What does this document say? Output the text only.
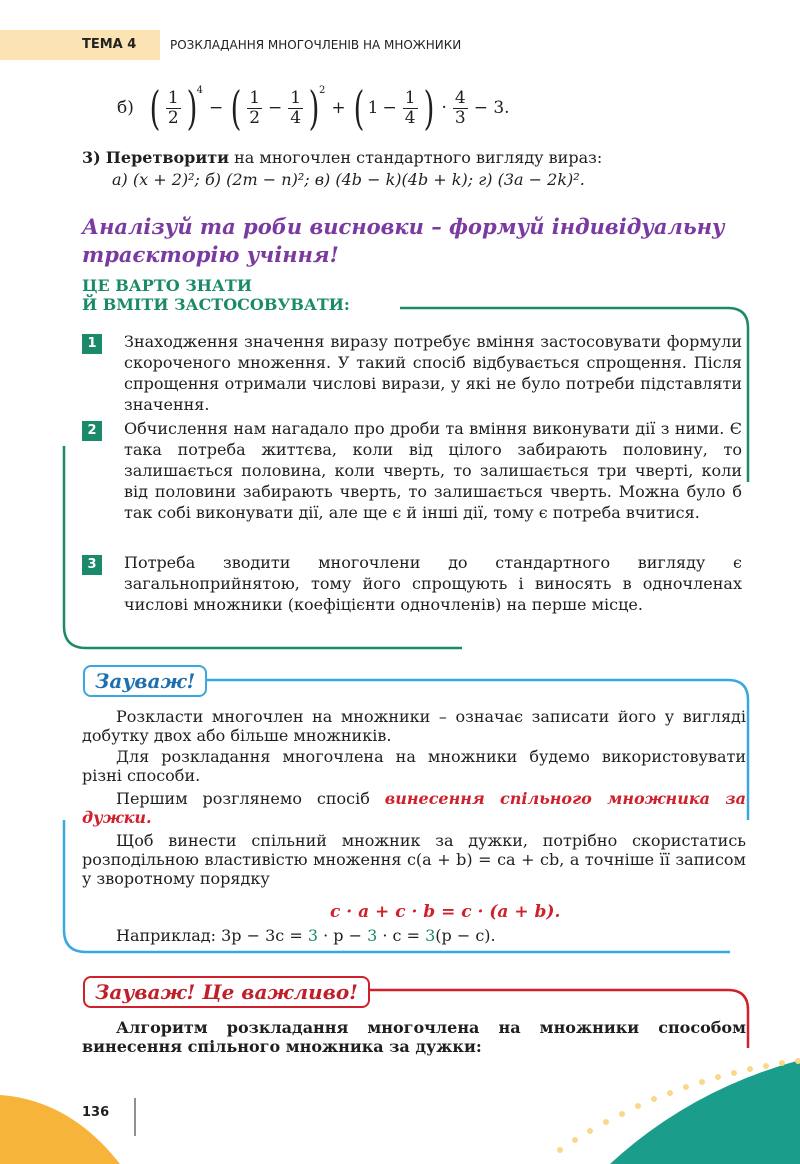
ТЕМА 4	РОЗКЛАДАННЯ МНОГОЧЛЕНІВ НА МНОЖНИКИ
б) ( $\frac{1}{2}$ ) 4
− ( $\frac{1}{2} - \frac{1}{4}$ ) 2
+ ( $1 - \frac{1}{4}$ ) · $\frac{4}{3} - 3$.
3) Перетворити на многочлен стандартного вигляду вираз:
а) (x + 2)²; б) (2m − n)²; в) (4b − k)(4b + k); г) (3a − 2k)².
Аналізуй та роби висновки – формуй індивідуальну траєкторію учіння!
ЦЕ ВАРТО ЗНАТИ
Й ВМІТИ ЗАСТОСОВУВАТИ:
1	Знаходження значення виразу потребує вміння застосовувати формули скороченого множення. У такий спосіб відбувається спрощення. Після спрощення отримали числові вирази, у які не було потреби підставляти значення.
2	Обчислення нам нагадало про дроби та вміння виконувати дії з ними. Є така потреба життєва, коли від цілого забирають половину, то залишається половина, коли чверть, то залишається три чверті, коли від половини забирають чверть, то залишається чверть. Можна було б так собі виконувати дії, але ще є й інші дії, тому є потреба вчитися.
3	Потреба зводити многочлени до стандартного вигляду є загальноприйнятою, тому його спрощують і виносять в одночленах числові множники (коефіцієнти одночленів) на перше місце.
Зауваж!
Розкласти многочлен на множники – означає записати його у вигляді добутку двох або більше множників.
Для розкладання многочлена на множники будемо використовувати різні способи.
Першим розглянемо спосіб винесення спільного множника за дужки.
Щоб винести спільний множник за дужки, потрібно скористатись розподільною властивістю множення c(a + b) = ca + cb, а точніше її записом у зворотному порядку
c · a + c · b = c · (a + b).
Наприклад: 3p − 3c = 3 · p − 3 · c = 3(p − c).
Зауваж! Це важливо!
Алгоритм розкладання многочлена на множники способом винесення спільного множника за дужки:
136
